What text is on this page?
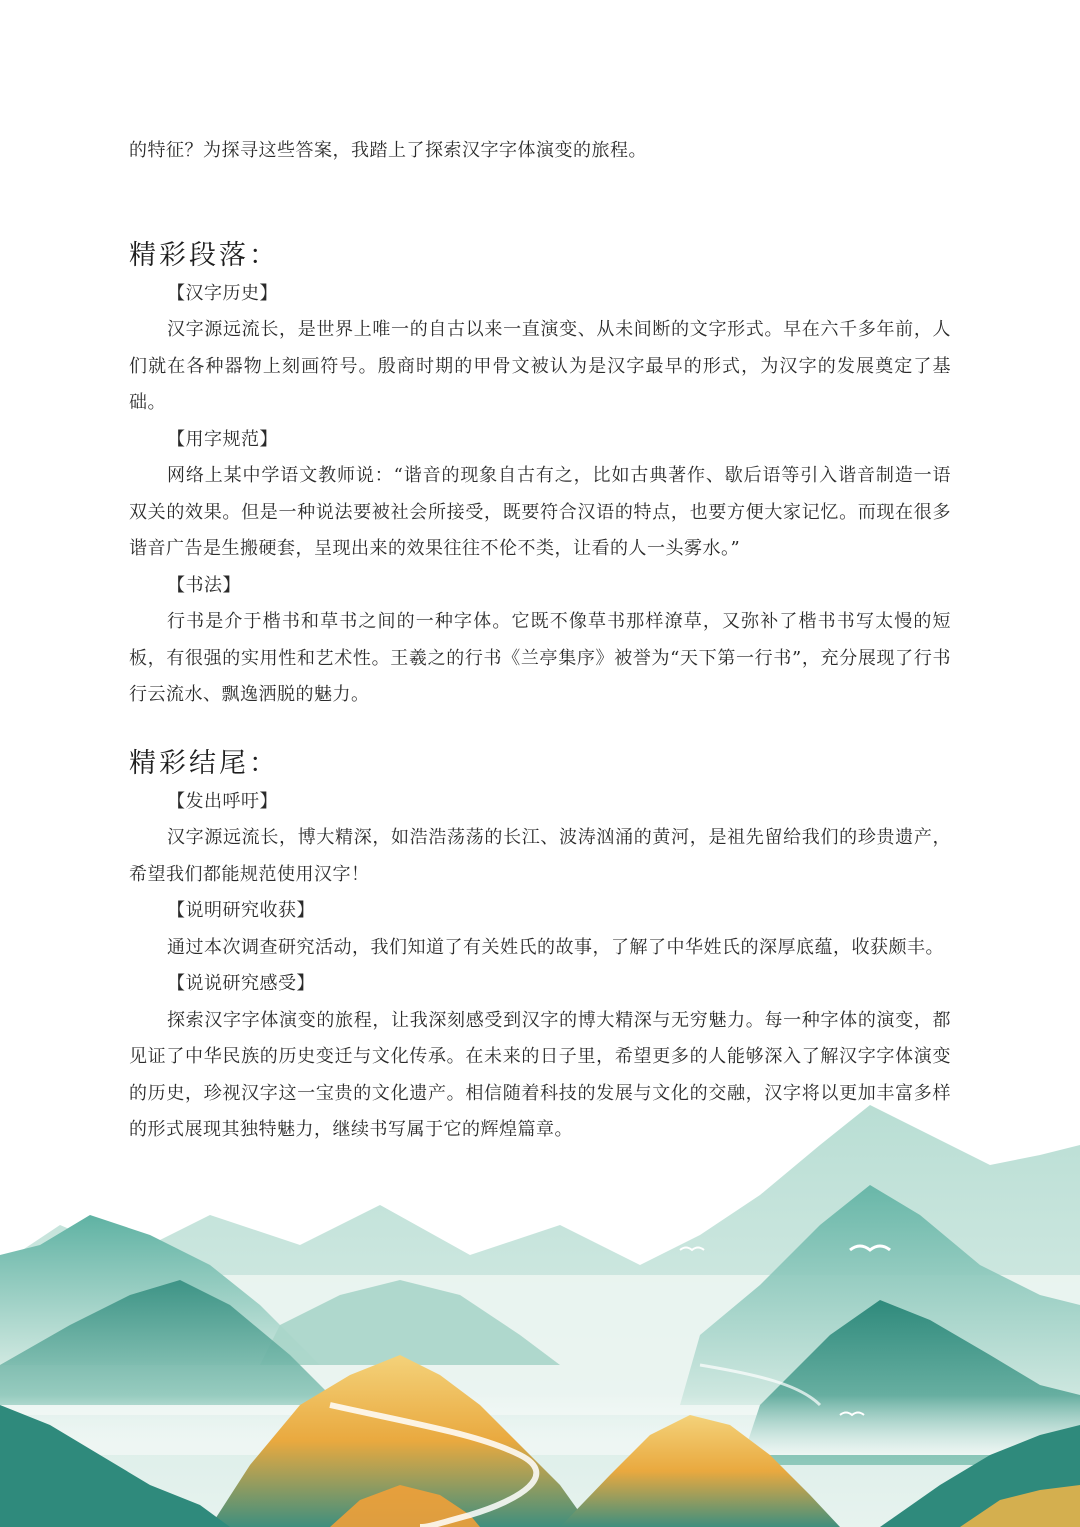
的特征？为探寻这些答案，我踏上了探索汉字字体演变的旅程。

精彩段落：

【汉字历史】

汉字源远流长，是世界上唯一的自古以来一直演变、从未间断的文字形式。早在六千多年前，人们就在各种器物上刻画符号。殷商时期的甲骨文被认为是汉字最早的形式，为汉字的发展奠定了基础。

【用字规范】

网络上某中学语文教师说：“谐音的现象自古有之，比如古典著作、歇后语等引入谐音制造一语双关的效果。但是一种说法要被社会所接受，既要符合汉语的特点，也要方便大家记忆。而现在很多谐音广告是生搬硬套，呈现出来的效果往往不伦不类，让看的人一头雾水。”

【书法】

行书是介于楷书和草书之间的一种字体。它既不像草书那样潦草，又弥补了楷书书写太慢的短板，有很强的实用性和艺术性。王羲之的行书《兰亭集序》被誉为“天下第一行书”，充分展现了行书行云流水、飘逸洒脱的魅力。

精彩结尾：

【发出呼吁】

汉字源远流长，博大精深，如浩浩荡荡的长江、波涛汹涌的黄河，是祖先留给我们的珍贵遗产，希望我们都能规范使用汉字！

【说明研究收获】

通过本次调查研究活动，我们知道了有关姓氏的故事，了解了中华姓氏的深厚底蕴，收获颇丰。

【说说研究感受】

探索汉字字体演变的旅程，让我深刻感受到汉字的博大精深与无穷魅力。每一种字体的演变，都见证了中华民族的历史变迁与文化传承。在未来的日子里，希望更多的人能够深入了解汉字字体演变的历史，珍视汉字这一宝贵的文化遗产。相信随着科技的发展与文化的交融，汉字将以更加丰富多样的形式展现其独特魅力，继续书写属于它的辉煌篇章。
